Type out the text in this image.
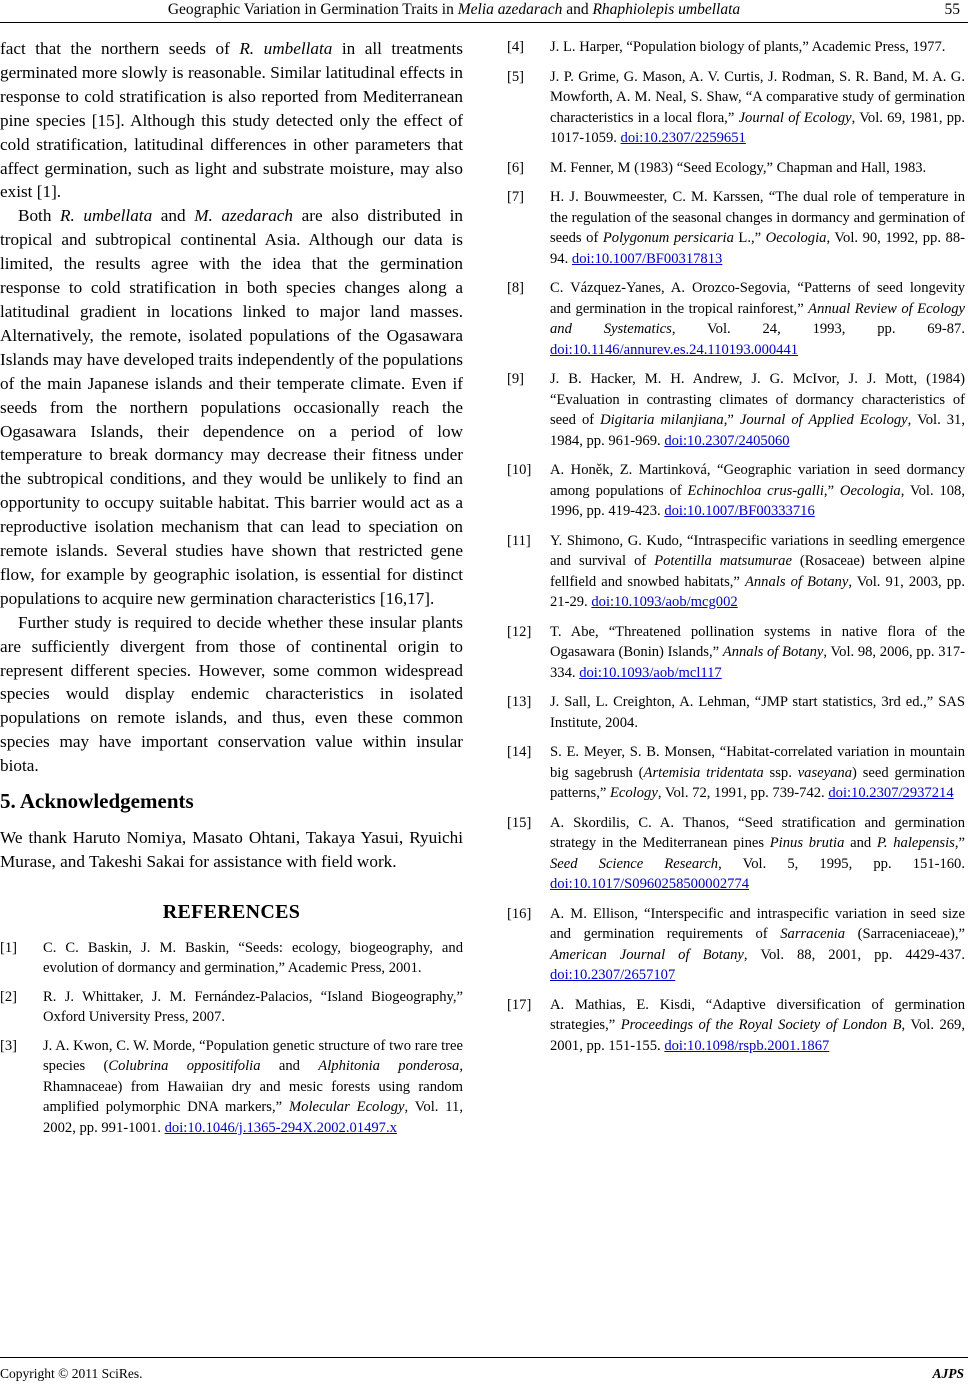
Geographic Variation in Germination Traits in Melia azedarach and Rhaphiolepis umbellata	55

fact that the northern seeds of R. umbellata in all treatments germinated more slowly is reasonable. Similar latitudinal effects in response to cold stratification is also reported from Mediterranean pine species [15]. Although this study detected only the effect of cold stratification, latitudinal differences in other parameters that affect germination, such as light and substrate moisture, may also exist [1].

Both R. umbellata and M. azedarach are also distributed in tropical and subtropical continental Asia. Although our data is limited, the results agree with the idea that the germination response to cold stratification in both species changes along a latitudinal gradient in locations linked to major land masses. Alternatively, the remote, isolated populations of the Ogasawara Islands may have developed traits independently of the populations of the main Japanese islands and their temperate climate. Even if seeds from the northern populations occasionally reach the Ogasawara Islands, their dependence on a period of low temperature to break dormancy may decrease their fitness under the subtropical conditions, and they would be unlikely to find an opportunity to occupy suitable habitat. This barrier would act as a reproductive isolation mechanism that can lead to speciation on remote islands. Several studies have shown that restricted gene flow, for example by geographic isolation, is essential for distinct populations to acquire new germination characteristics [16,17].

Further study is required to decide whether these insular plants are sufficiently divergent from those of continental origin to represent different species. However, some common widespread species would display endemic characteristics in isolated populations on remote islands, and thus, even these common species may have important conservation value within insular biota.

5. Acknowledgements

We thank Haruto Nomiya, Masato Ohtani, Takaya Yasui, Ryuichi Murase, and Takeshi Sakai for assistance with field work.

REFERENCES
[1] C. C. Baskin, J. M. Baskin, “Seeds: ecology, biogeography, and evolution of dormancy and germination,” Academic Press, 2001.
[2] R. J. Whittaker, J. M. Fernández-Palacios, “Island Biogeography,” Oxford University Press, 2007.
[3] J. A. Kwon, C. W. Morde, “Population genetic structure of two rare tree species (Colubrina oppositifolia and Alphitonia ponderosa, Rhamnaceae) from Hawaiian dry and mesic forests using random amplified polymorphic DNA markers,” Molecular Ecology, Vol. 11, 2002, pp. 991-1001. doi:10.1046/j.1365-294X.2002.01497.x
[4] J. L. Harper, “Population biology of plants,” Academic Press, 1977.
[5] J. P. Grime, G. Mason, A. V. Curtis, J. Rodman, S. R. Band, M. A. G. Mowforth, A. M. Neal, S. Shaw, “A comparative study of germination characteristics in a local flora,” Journal of Ecology, Vol. 69, 1981, pp. 1017-1059. doi:10.2307/2259651
[6] M. Fenner, M (1983) “Seed Ecology,” Chapman and Hall, 1983.
[7] H. J. Bouwmeester, C. M. Karssen, “The dual role of temperature in the regulation of the seasonal changes in dormancy and germination of seeds of Polygonum persicaria L.,” Oecologia, Vol. 90, 1992, pp. 88-94. doi:10.1007/BF00317813
[8] C. Vázquez-Yanes, A. Orozco-Segovia, “Patterns of seed longevity and germination in the tropical rainforest,” Annual Review of Ecology and Systematics, Vol. 24, 1993, pp. 69-87. doi:10.1146/annurev.es.24.110193.000441
[9] J. B. Hacker, M. H. Andrew, J. G. McIvor, J. J. Mott, (1984) “Evaluation in contrasting climates of dormancy characteristics of seed of Digitaria milanjiana,” Journal of Applied Ecology, Vol. 31, 1984, pp. 961-969. doi:10.2307/2405060
[10] A. Honěk, Z. Martinková, “Geographic variation in seed dormancy among populations of Echinochloa crus-galli,” Oecologia, Vol. 108, 1996, pp. 419-423. doi:10.1007/BF00333716
[11] Y. Shimono, G. Kudo, “Intraspecific variations in seedling emergence and survival of Potentilla matsumurae (Rosaceae) between alpine fellfield and snowbed habitats,” Annals of Botany, Vol. 91, 2003, pp. 21-29. doi:10.1093/aob/mcg002
[12] T. Abe, “Threatened pollination systems in native flora of the Ogasawara (Bonin) Islands,” Annals of Botany, Vol. 98, 2006, pp. 317-334. doi:10.1093/aob/mcl117
[13] J. Sall, L. Creighton, A. Lehman, “JMP start statistics, 3rd ed.,” SAS Institute, 2004.
[14] S. E. Meyer, S. B. Monsen, “Habitat-correlated variation in mountain big sagebrush (Artemisia tridentata ssp. vaseyana) seed germination patterns,” Ecology, Vol. 72, 1991, pp. 739-742. doi:10.2307/2937214
[15] A. Skordilis, C. A. Thanos, “Seed stratification and germination strategy in the Mediterranean pines Pinus brutia and P. halepensis,” Seed Science Research, Vol. 5, 1995, pp. 151-160. doi:10.1017/S0960258500002774
[16] A. M. Ellison, “Interspecific and intraspecific variation in seed size and germination requirements of Sarracenia (Sarraceniaceae),” American Journal of Botany, Vol. 88, 2001, pp. 4429-437. doi:10.2307/2657107
[17] A. Mathias, E. Kisdi, “Adaptive diversification of germination strategies,” Proceedings of the Royal Society of London B, Vol. 269, 2001, pp. 151-155. doi:10.1098/rspb.2001.1867
Copyright © 2011 SciRes.	AJPS
